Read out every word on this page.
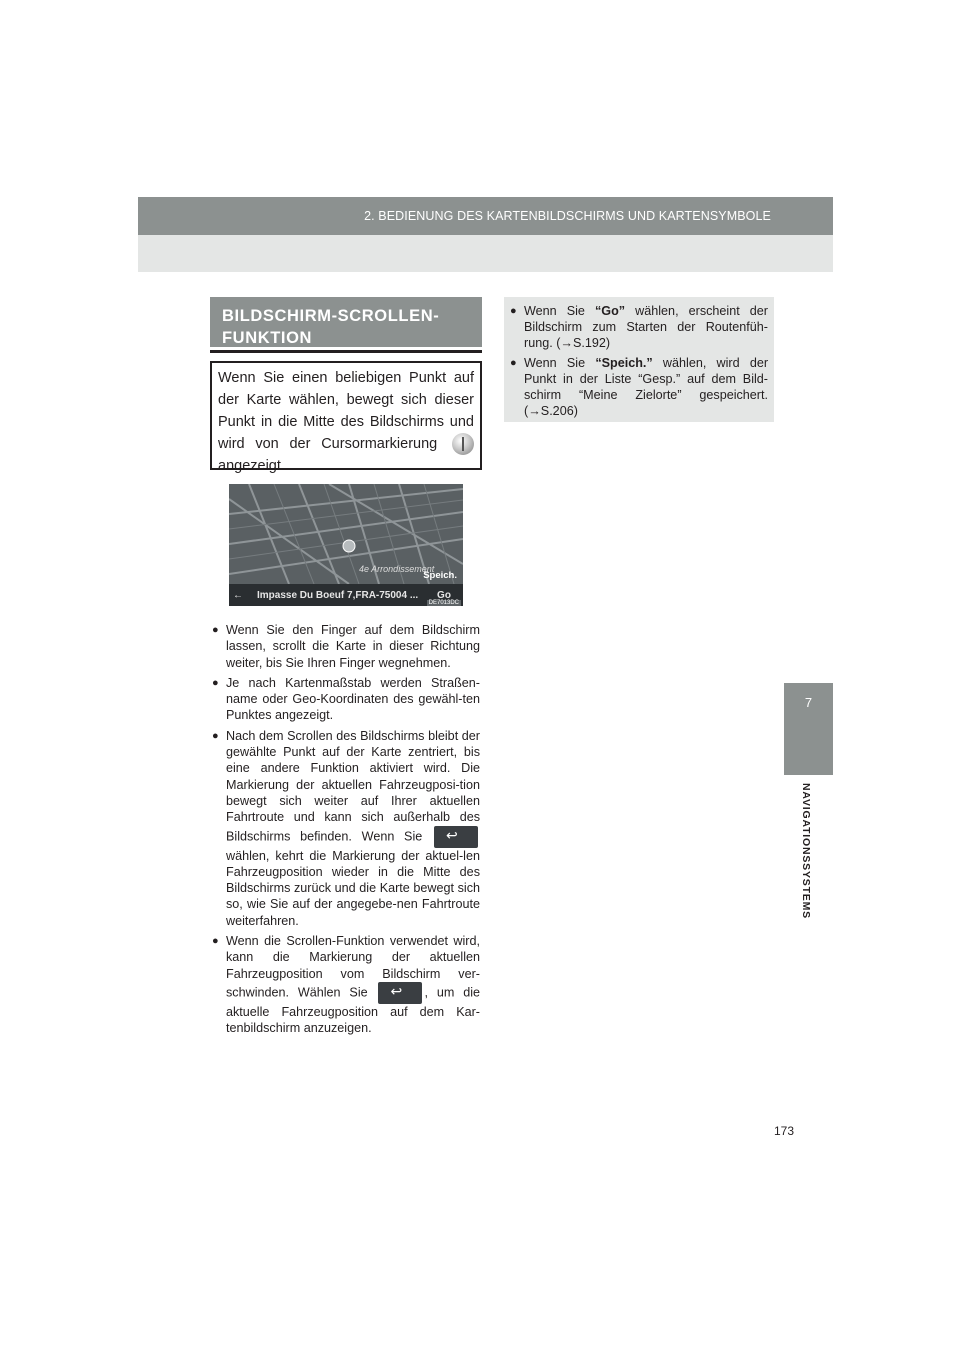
2. BEDIENUNG DES KARTENBILDSCHIRMS UND KARTENSYMBOLE
7
NAVIGATIONSSYSTEMS
BILDSCHIRM-SCROLLEN-FUNKTION
Wenn Sie einen beliebigen Punkt auf der Karte wählen, bewegt sich dieser Punkt in die Mitte des Bildschirms und wird von der Cursormarkierung  angezeigt.
4e Arrondissement
Speich.
←	Impasse Du Boeuf 7,FRA-75004 ...	Go
DE7013DC
● Wenn Sie den Finger auf dem Bildschirm lassen, scrollt die Karte in dieser Richtung weiter, bis Sie Ihren Finger wegnehmen.
● Je nach Kartenmaßstab werden Straßen-name oder Geo-Koordinaten des gewähl-ten Punktes angezeigt.
● Nach dem Scrollen des Bildschirms bleibt der gewählte Punkt auf der Karte zentriert, bis eine andere Funktion aktiviert wird. Die Markierung der aktuellen Fahrzeugposi-tion bewegt sich weiter auf Ihrer aktuellen Fahrtroute und kann sich außerhalb des Bildschirms befinden. Wenn Sie ↩
wählen, kehrt die Markierung der aktuel-len Fahrzeugposition wieder in die Mitte des Bildschirms zurück und die Karte bewegt sich so, wie Sie auf der angegebe-nen Fahrtroute weiterfahren.
● Wenn die Scrollen-Funktion verwendet wird, kann die Markierung der aktuellen Fahrzeugposition vom Bildschirm ver-schwinden. Wählen Sie ↩ , um die aktuelle Fahrzeugposition auf dem Kar-tenbildschirm anzuzeigen.
● Wenn Sie “Go” wählen, erscheint der Bildschirm zum Starten der Routenfüh-rung. (→S.192)
● Wenn Sie “Speich.” wählen, wird der Punkt in der Liste “Gesp.” auf dem Bild-schirm “Meine Zielorte” gespeichert. (→S.206)
173
